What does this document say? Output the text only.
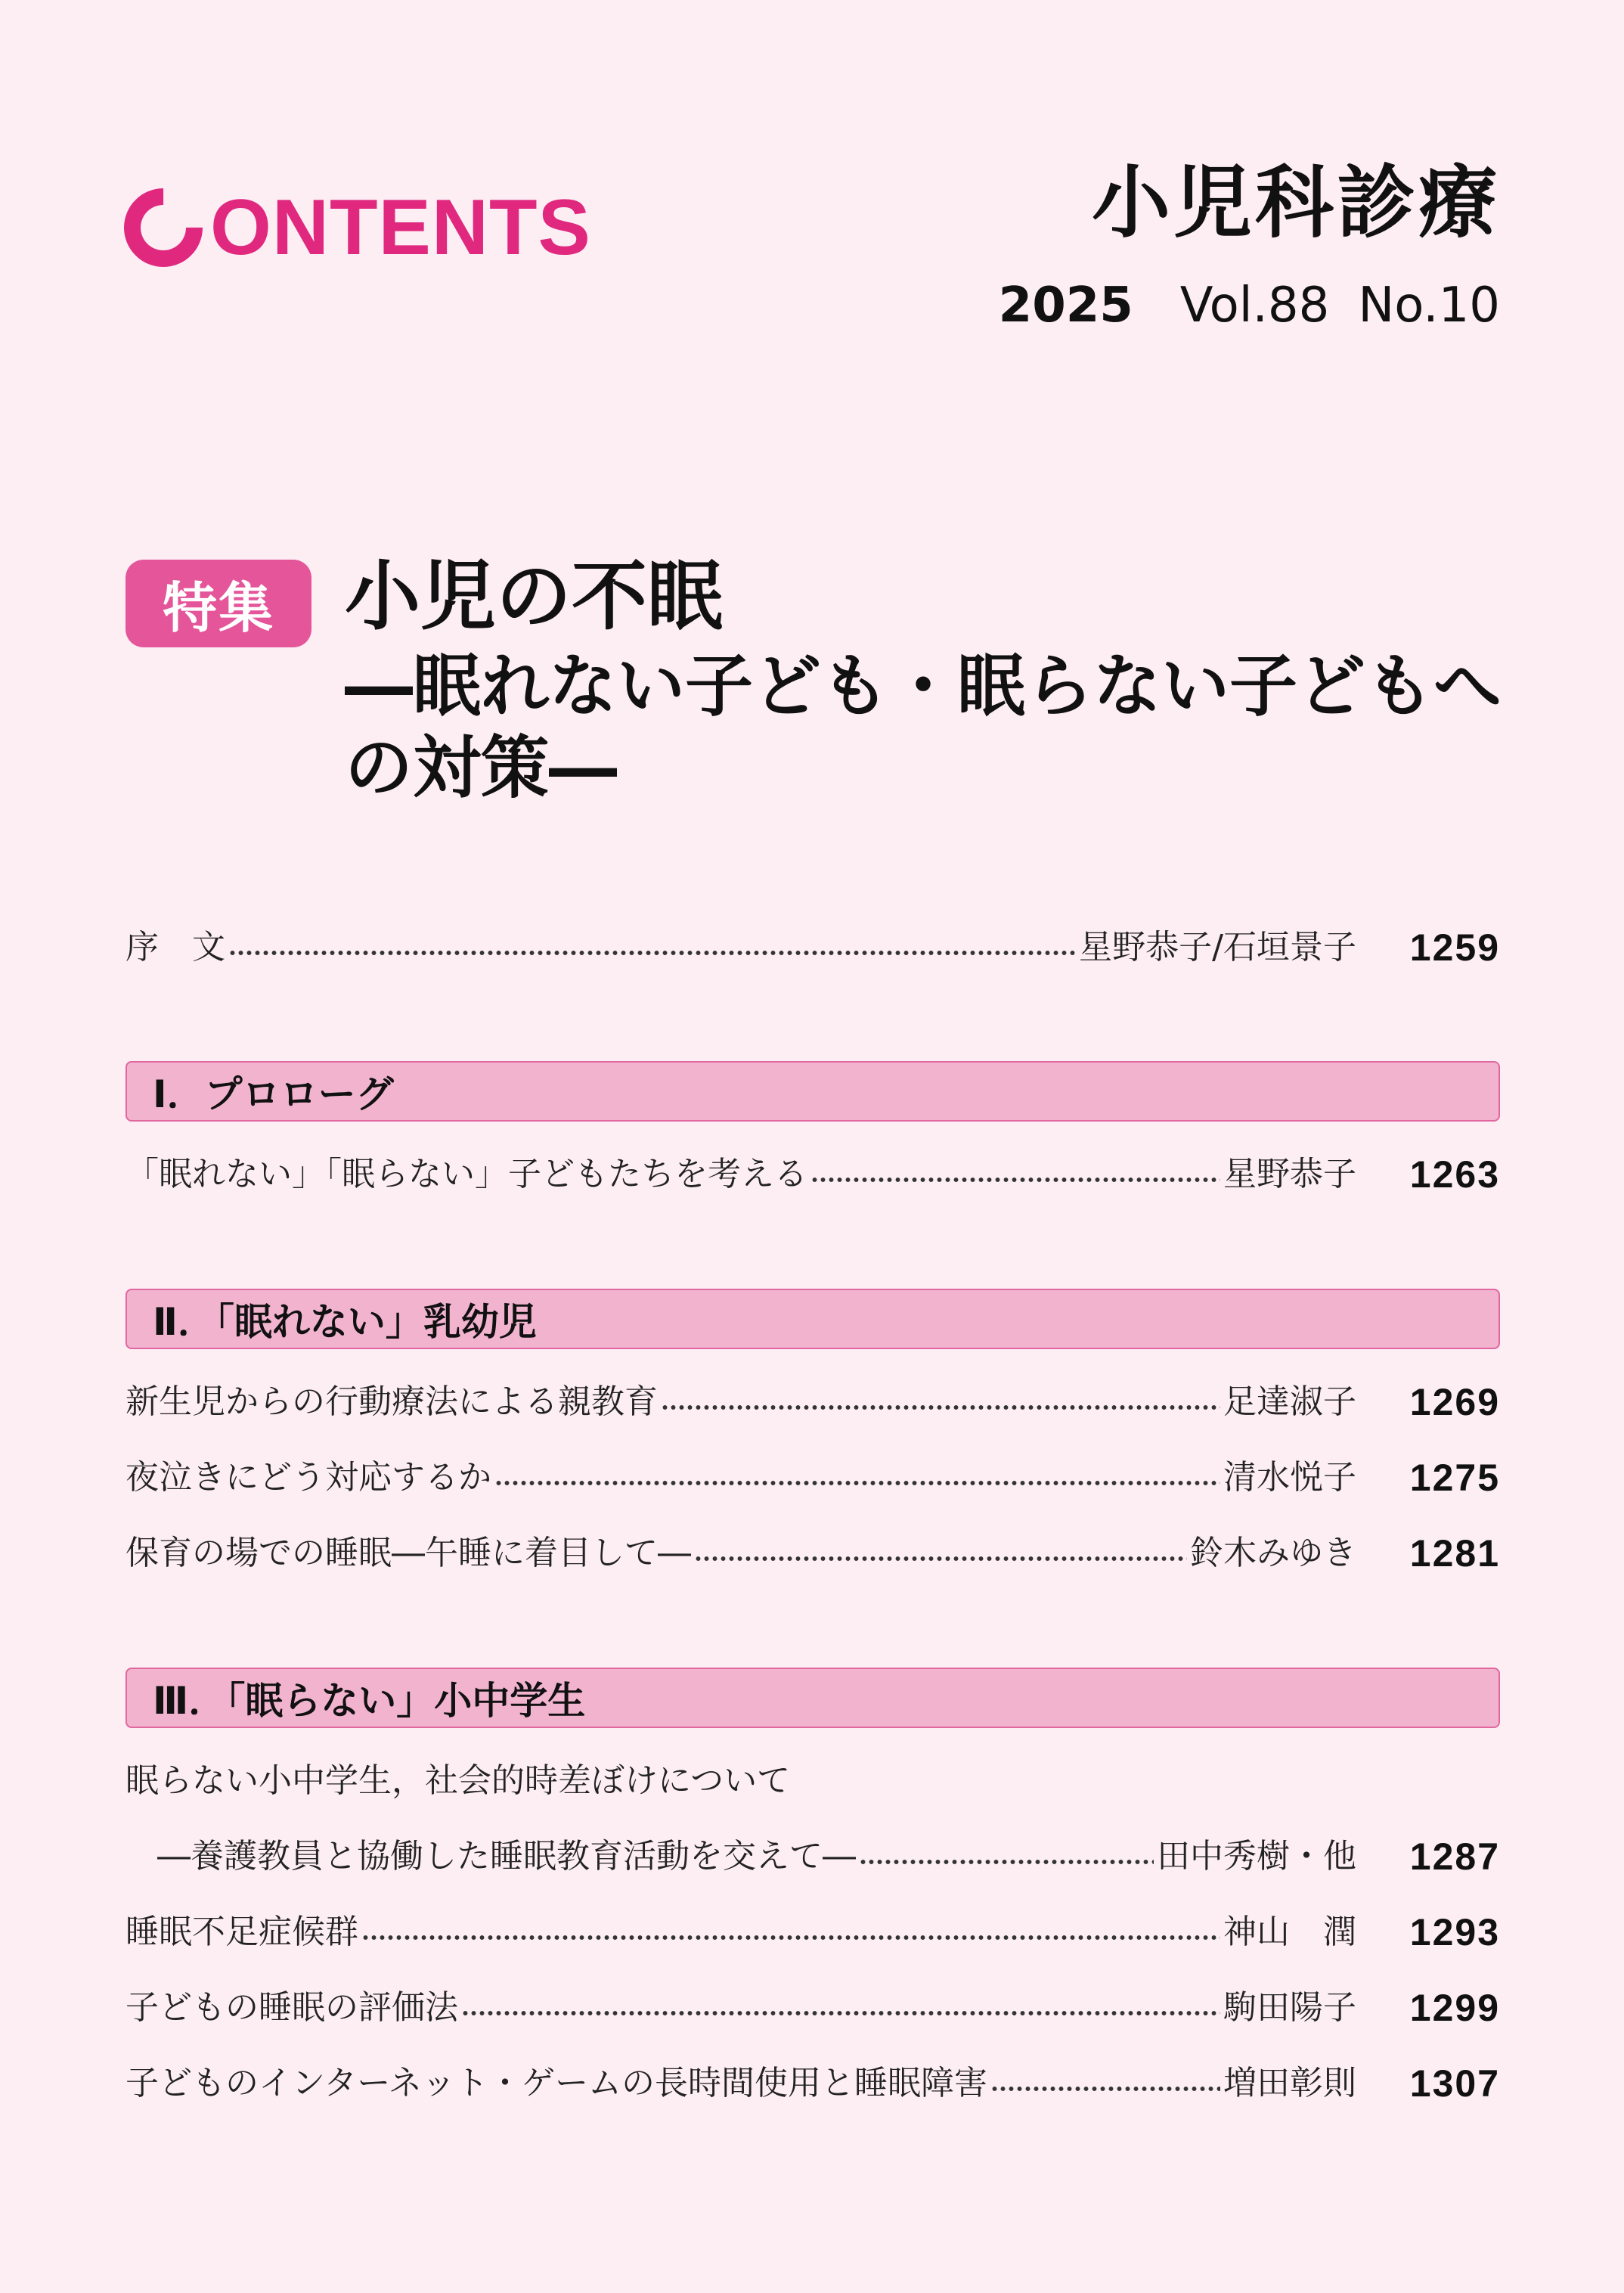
ONTENTS	小児科診療
2025 Vol.88 No.10
特集 小児の不眠
―眠れない子ども・眠らない子どもへの対策―
序　文	星野恭子/石垣景子	1259
Ⅰ．プロローグ
「眠れない」「眠らない」子どもたちを考える	星野恭子	1263
Ⅱ．「眠れない」乳幼児
新生児からの行動療法による親教育	足達淑子	1269
夜泣きにどう対応するか	清水悦子	1275
保育の場での睡眠―午睡に着目して―	鈴木みゆき	1281
Ⅲ．「眠らない」小中学生
眠らない小中学生，社会的時差ぼけについて
―養護教員と協働した睡眠教育活動を交えて―	田中秀樹・他	1287
睡眠不足症候群	神山　潤	1293
子どもの睡眠の評価法	駒田陽子	1299
子どものインターネット・ゲームの長時間使用と睡眠障害	増田彰則	1307
